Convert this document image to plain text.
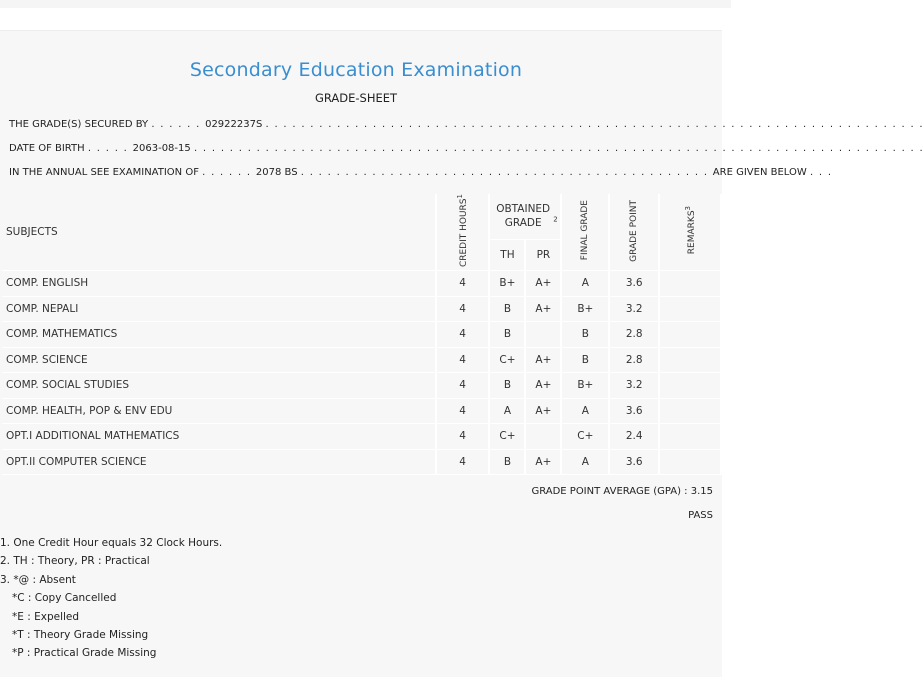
Secondary Education Examination
GRADE-SHEET
THE GRADE(S) SECURED BY . . . . . . 02922237S . . . . . . . . . . . . . . . . . . . . . . . . . . . . . . . . . . . . . . . . . . . . . . . . . . . . . . . . . . . . . . . . . . . . . . . . . .
DATE OF BIRTH . . . . . 2063-08-15 . . . . . . . . . . . . . . . . . . . . . . . . . . . . . . . . . . . . . . . . . . . . . . . . . . . . . . . . . . . . . . . . . . . . . . . . . . . . . . . . . .
IN THE ANNUAL SEE EXAMINATION OF . . . . . . 2078 BS . . . . . . . . . . . . . . . . . . . . . . . . . . . . . . . . . . . . . . . . . . . . . . ARE GIVEN BELOW . . .
SUBJECTS	CREDIT HOURS$^1$	OBTAINED GRADE $^2$		FINAL GRADE	GRADE POINT	REMARKS$^3$
		TH	PR			
COMP. ENGLISH	4	B+	A+	A	3.6	
COMP. NEPALI	4	B	A+	B+	3.2	
COMP. MATHEMATICS	4	B		B	2.8	
COMP. SCIENCE	4	C+	A+	B	2.8	
COMP. SOCIAL STUDIES	4	B	A+	B+	3.2	
COMP. HEALTH, POP & ENV EDU	4	A	A+	A	3.6	
OPT.I ADDITIONAL MATHEMATICS	4	C+		C+	2.4	
OPT.II COMPUTER SCIENCE	4	B	A+	A	3.6	
GRADE POINT AVERAGE (GPA) : 3.15
PASS
1. One Credit Hour equals 32 Clock Hours.
2. TH : Theory, PR : Practical
3. *@ : Absent
*C : Copy Cancelled
*E : Expelled
*T : Theory Grade Missing
*P : Practical Grade Missing
